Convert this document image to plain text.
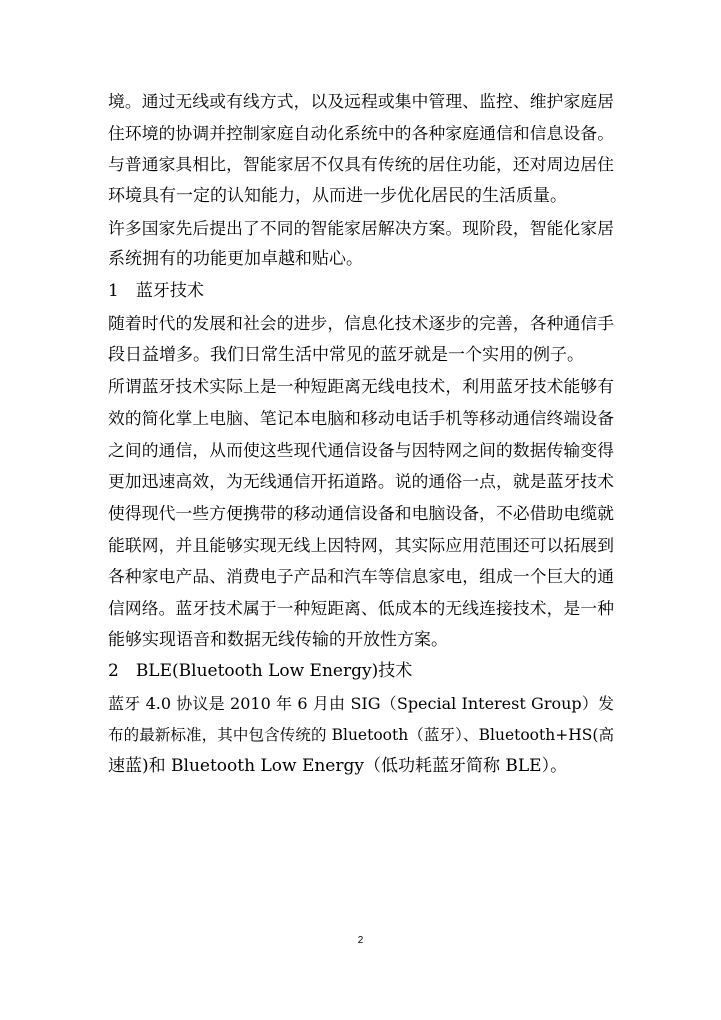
境。通过无线或有线方式，以及远程或集中管理、监控、维护家庭居
住环境的协调并控制家庭自动化系统中的各种家庭通信和信息设备。
与普通家具相比，智能家居不仅具有传统的居住功能，还对周边居住
环境具有一定的认知能力，从而进一步优化居民的生活质量。
许多国家先后提出了不同的智能家居解决方案。现阶段，智能化家居
系统拥有的功能更加卓越和贴心。
1　蓝牙技术
随着时代的发展和社会的进步，信息化技术逐步的完善，各种通信手
段日益增多。我们日常生活中常见的蓝牙就是一个实用的例子。
所谓蓝牙技术实际上是一种短距离无线电技术，利用蓝牙技术能够有
效的简化掌上电脑、笔记本电脑和移动电话手机等移动通信终端设备
之间的通信，从而使这些现代通信设备与因特网之间的数据传输变得
更加迅速高效，为无线通信开拓道路。说的通俗一点，就是蓝牙技术
使得现代一些方便携带的移动通信设备和电脑设备，不必借助电缆就
能联网，并且能够实现无线上因特网，其实际应用范围还可以拓展到
各种家电产品、消费电子产品和汽车等信息家电，组成一个巨大的通
信网络。蓝牙技术属于一种短距离、低成本的无线连接技术，是一种
能够实现语音和数据无线传输的开放性方案。
2　BLE(Bluetooth Low Energy)技术
蓝牙 4.0 协议是 2010 年 6 月由 SIG（Special Interest Group）发
布的最新标准，其中包含传统的 Bluetooth（蓝牙）、Bluetooth+HS(高
速蓝)和 Bluetooth Low Energy（低功耗蓝牙简称 BLE）。
2
